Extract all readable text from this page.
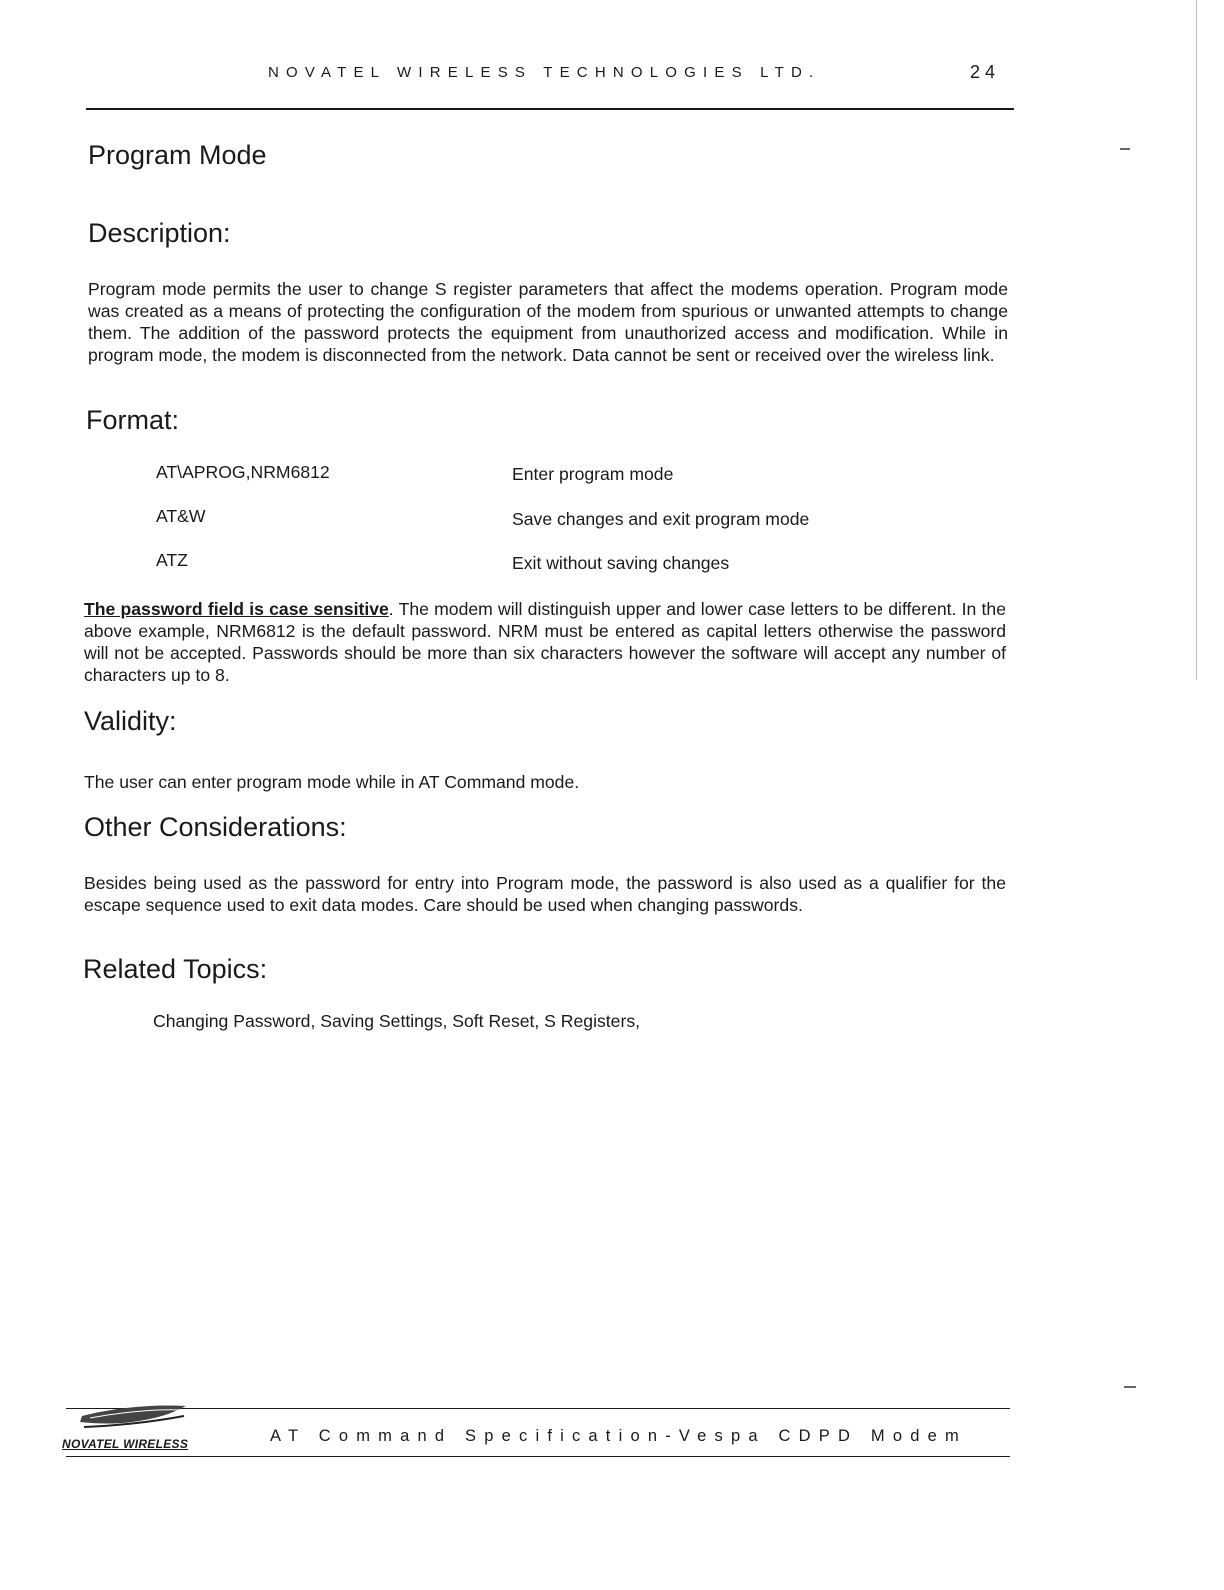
NOVATEL WIRELESS TECHNOLOGIES LTD.	24
Program Mode
Description:

Program mode permits the user to change S register parameters that affect the modems operation. Program mode was created as a means of protecting the configuration of the modem from spurious or unwanted attempts to change them. The addition of the password protects the equipment from unauthorized access and modification. While in program mode, the modem is disconnected from the network. Data cannot be sent or received over the wireless link.

Format:
AT\APROG,NRM6812	Enter program mode
AT&W	Save changes and exit program mode
ATZ	Exit without saving changes

The password field is case sensitive. The modem will distinguish upper and lower case letters to be different. In the above example, NRM6812 is the default password. NRM must be entered as capital letters otherwise the password will not be accepted. Passwords should be more than six characters however the software will accept any number of characters up to 8.

Validity:

The user can enter program mode while in AT Command mode.

Other Considerations:

Besides being used as the password for entry into Program mode, the password is also used as a qualifier for the escape sequence used to exit data modes. Care should be used when changing passwords.

Related Topics:
Changing Password, Saving Settings, Soft Reset, S Registers,
NOVATEL WIRELESS	AT Command Specification-Vespa CDPD Modem
